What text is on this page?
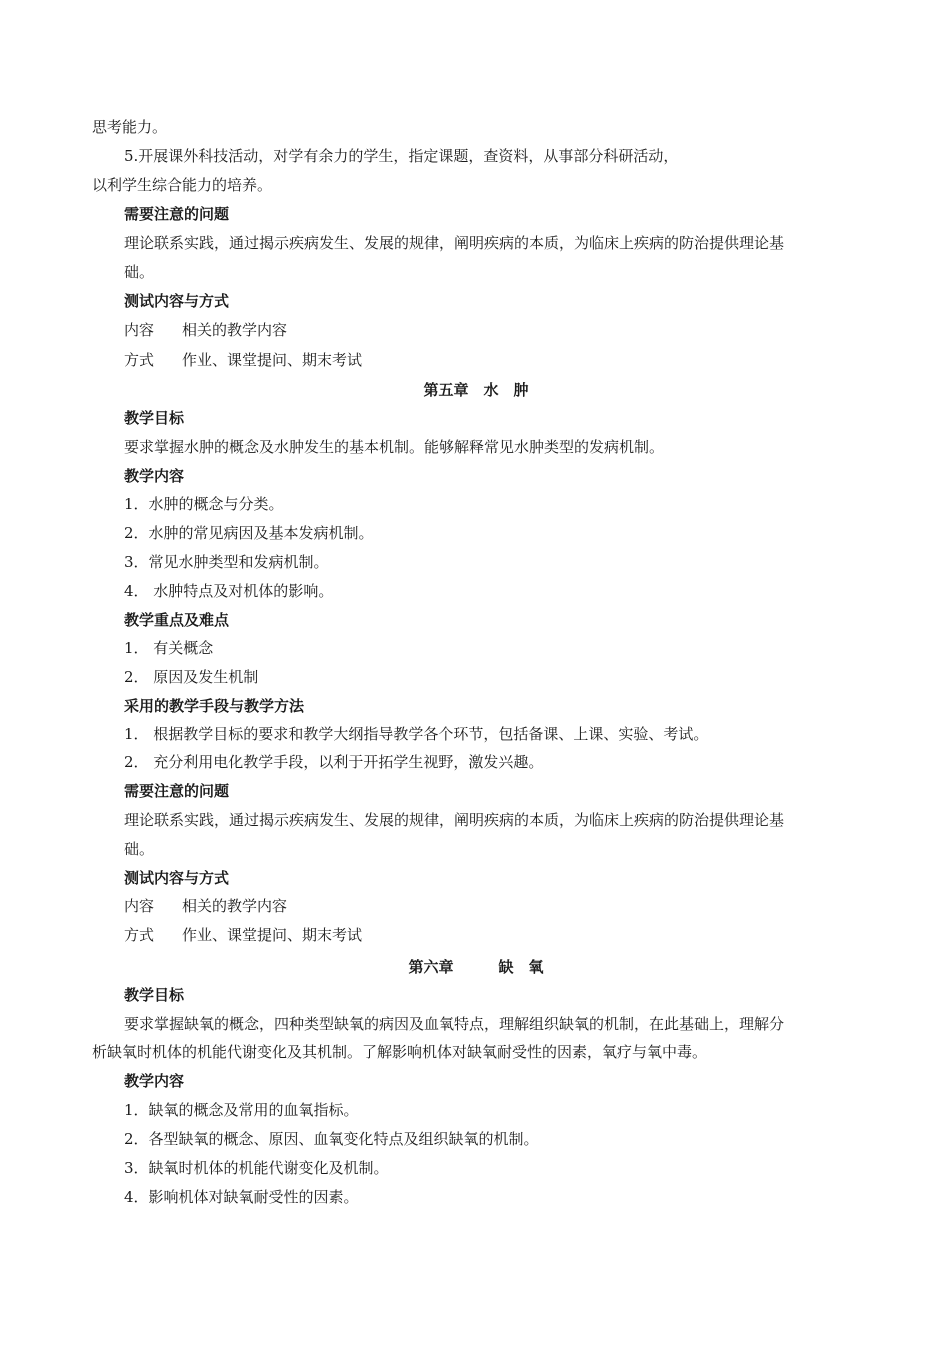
思考能力。
5.开展课外科技活动，对学有余力的学生，指定课题，查资料，从事部分科研活动，
以利学生综合能力的培养。
需要注意的问题
理论联系实践，通过揭示疾病发生、发展的规律，阐明疾病的本质，为临床上疾病的防治提供理论基
础。
测试内容与方式
内容 相关的教学内容
方式 作业、课堂提问、期末考试
第五章　水　肿
教学目标
要求掌握水肿的概念及水肿发生的基本机制。能够解释常见水肿类型的发病机制。
教学内容
1．水肿的概念与分类。
2．水肿的常见病因及基本发病机制。
3．常见水肿类型和发病机制。
4． 水肿特点及对机体的影响。
教学重点及难点
1． 有关概念
2． 原因及发生机制
采用的教学手段与教学方法
1． 根据教学目标的要求和教学大纲指导教学各个环节，包括备课、上课、实验、考试。
2． 充分利用电化教学手段，以利于开拓学生视野，激发兴趣。
需要注意的问题
理论联系实践，通过揭示疾病发生、发展的规律，阐明疾病的本质，为临床上疾病的防治提供理论基
础。
测试内容与方式
内容 相关的教学内容
方式 作业、课堂提问、期末考试
第六章　　　缺　氧
教学目标
要求掌握缺氧的概念，四种类型缺氧的病因及血氧特点，理解组织缺氧的机制，在此基础上，理解分
析缺氧时机体的机能代谢变化及其机制。了解影响机体对缺氧耐受性的因素，氧疗与氧中毒。
教学内容
1．缺氧的概念及常用的血氧指标。
2．各型缺氧的概念、原因、血氧变化特点及组织缺氧的机制。
3．缺氧时机体的机能代谢变化及机制。
4．影响机体对缺氧耐受性的因素。
